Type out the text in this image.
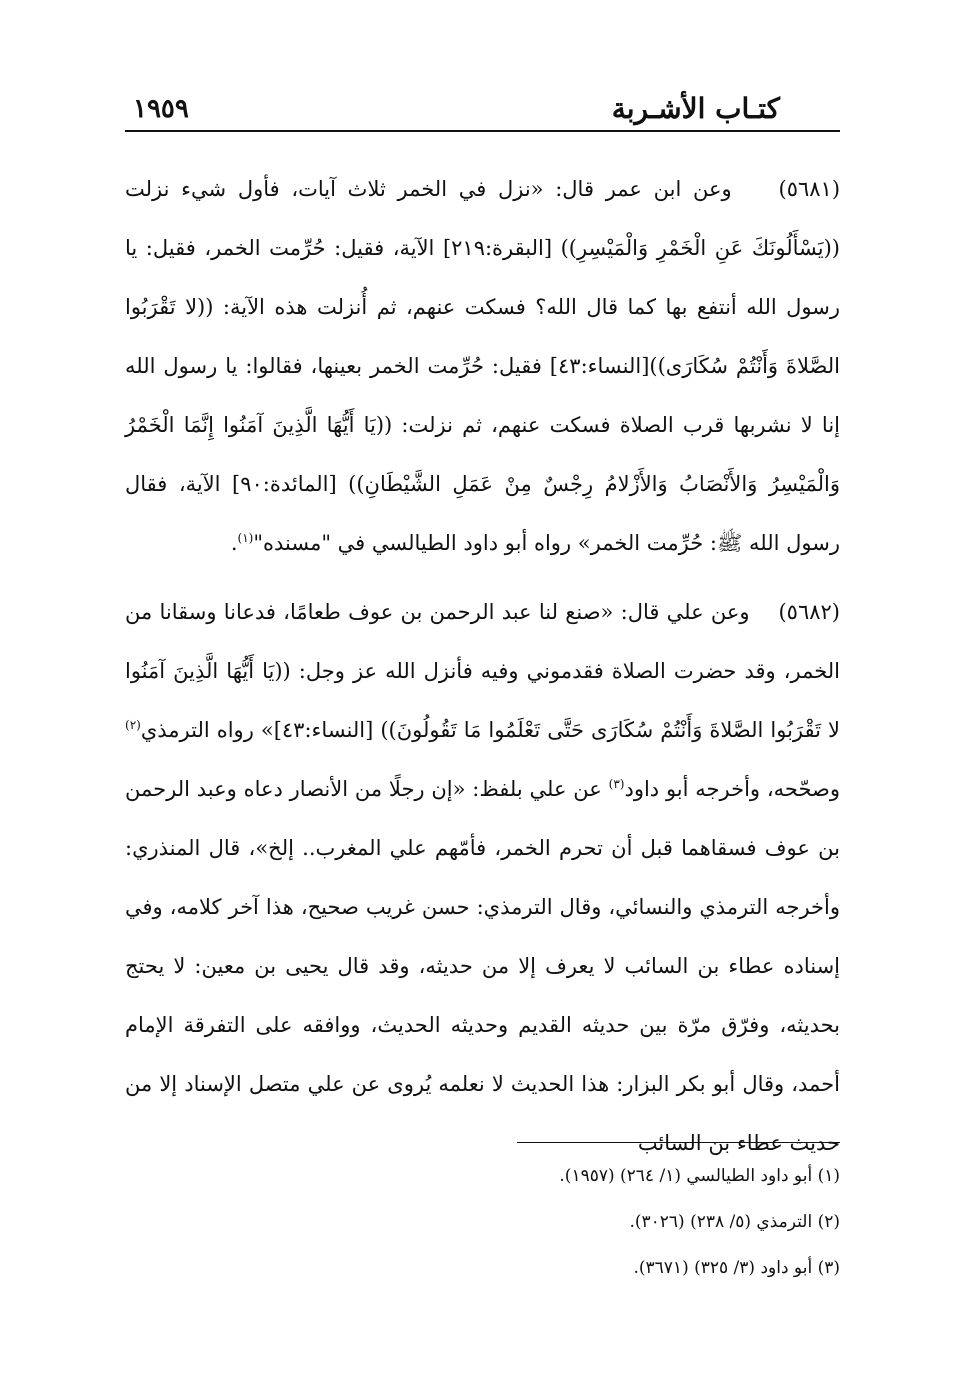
كتـاب الأشـربة
١٩٥٩

(٥٦٨١)    وعن ابن عمر قال: «نزل في الخمر ثلاث آيات، فأول شيء نزلت ((يَسْأَلُونَكَ عَنِ الْخَمْرِ وَالْمَيْسِرِ)) [البقرة:٢١٩] الآية، فقيل: حُرِّمت الخمر، فقيل: يا رسول الله أنتفع بها كما قال الله؟ فسكت عنهم، ثم أُنزلت هذه الآية: ((لا تَقْرَبُوا الصَّلاةَ وَأَنْتُمْ سُكَارَى))[النساء:٤٣] فقيل: حُرِّمت الخمر بعينها، فقالوا: يا رسول الله إنا لا نشربها قرب الصلاة فسكت عنهم، ثم نزلت: ((يَا أَيُّهَا الَّذِينَ آمَنُوا إِنَّمَا الْخَمْرُ وَالْمَيْسِرُ وَالأَنْصَابُ وَالأَزْلامُ رِجْسٌ مِنْ عَمَلِ الشَّيْطَانِ)) [المائدة:٩٠] الآية، فقال رسول الله ﷺ: حُرِّمت الخمر» رواه أبو داود الطيالسي في "مسنده"$^{(١)}$.

(٥٦٨٢)    وعن علي قال: «صنع لنا عبد الرحمن بن عوف طعامًا، فدعانا وسقانا من الخمر، وقد حضرت الصلاة فقدموني وفيه فأنزل الله عز وجل: ((يَا أَيُّهَا الَّذِينَ آمَنُوا لا تَقْرَبُوا الصَّلاةَ وَأَنْتُمْ سُكَارَى حَتَّى تَعْلَمُوا مَا تَقُولُونَ)) [النساء:٤٣]» رواه الترمذي$^{(٢)}$ وصحّحه، وأخرجه أبو داود$^{(٣)}$ عن علي بلفظ: «إن رجلًا من الأنصار دعاه وعبد الرحمن بن عوف فسقاهما قبل أن تحرم الخمر، فأمّهم علي المغرب.. إلخ»، قال المنذري: وأخرجه الترمذي والنسائي، وقال الترمذي: حسن غريب صحيح، هذا آخر كلامه، وفي إسناده عطاء بن السائب لا يعرف إلا من حديثه، وقد قال يحيى بن معين: لا يحتج بحديثه، وفرّق مرّة بين حديثه القديم وحديثه الحديث، ووافقه على التفرقة الإمام أحمد، وقال أبو بكر البزار: هذا الحديث لا نعلمه يُروى عن علي متصل الإسناد إلا من حديث عطاء بن السائب

(١) أبو داود الطيالسي (١/ ٢٦٤) (١٩٥٧).

(٢) الترمذي (٥/ ٢٣٨) (٣٠٢٦).

(٣) أبو داود (٣/ ٣٢٥) (٣٦٧١).
